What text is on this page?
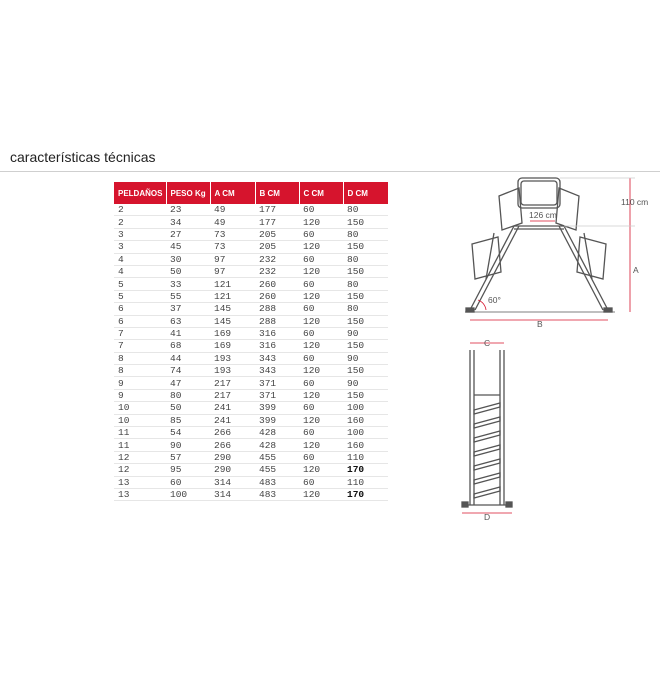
características técnicas
PELDAÑOS	PESO Kg	A CM	B CM	C CM	D CM
2	23	49	177	60	80
2	34	49	177	120	150
3	27	73	205	60	80
3	45	73	205	120	150
4	30	97	232	60	80
4	50	97	232	120	150
5	33	121	260	60	80
5	55	121	260	120	150
6	37	145	288	60	80
6	63	145	288	120	150
7	41	169	316	60	90
7	68	169	316	120	150
8	44	193	343	60	90
8	74	193	343	120	150
9	47	217	371	60	90
9	80	217	371	120	150
10	50	241	399	60	100
10	85	241	399	120	160
11	54	266	428	60	100
11	90	266	428	120	160
12	57	290	455	60	110
12	95	290	455	120	170
13	60	314	483	60	110
13	100	314	483	120	170
126 cm
110 cm
A
B
60°
C
D
